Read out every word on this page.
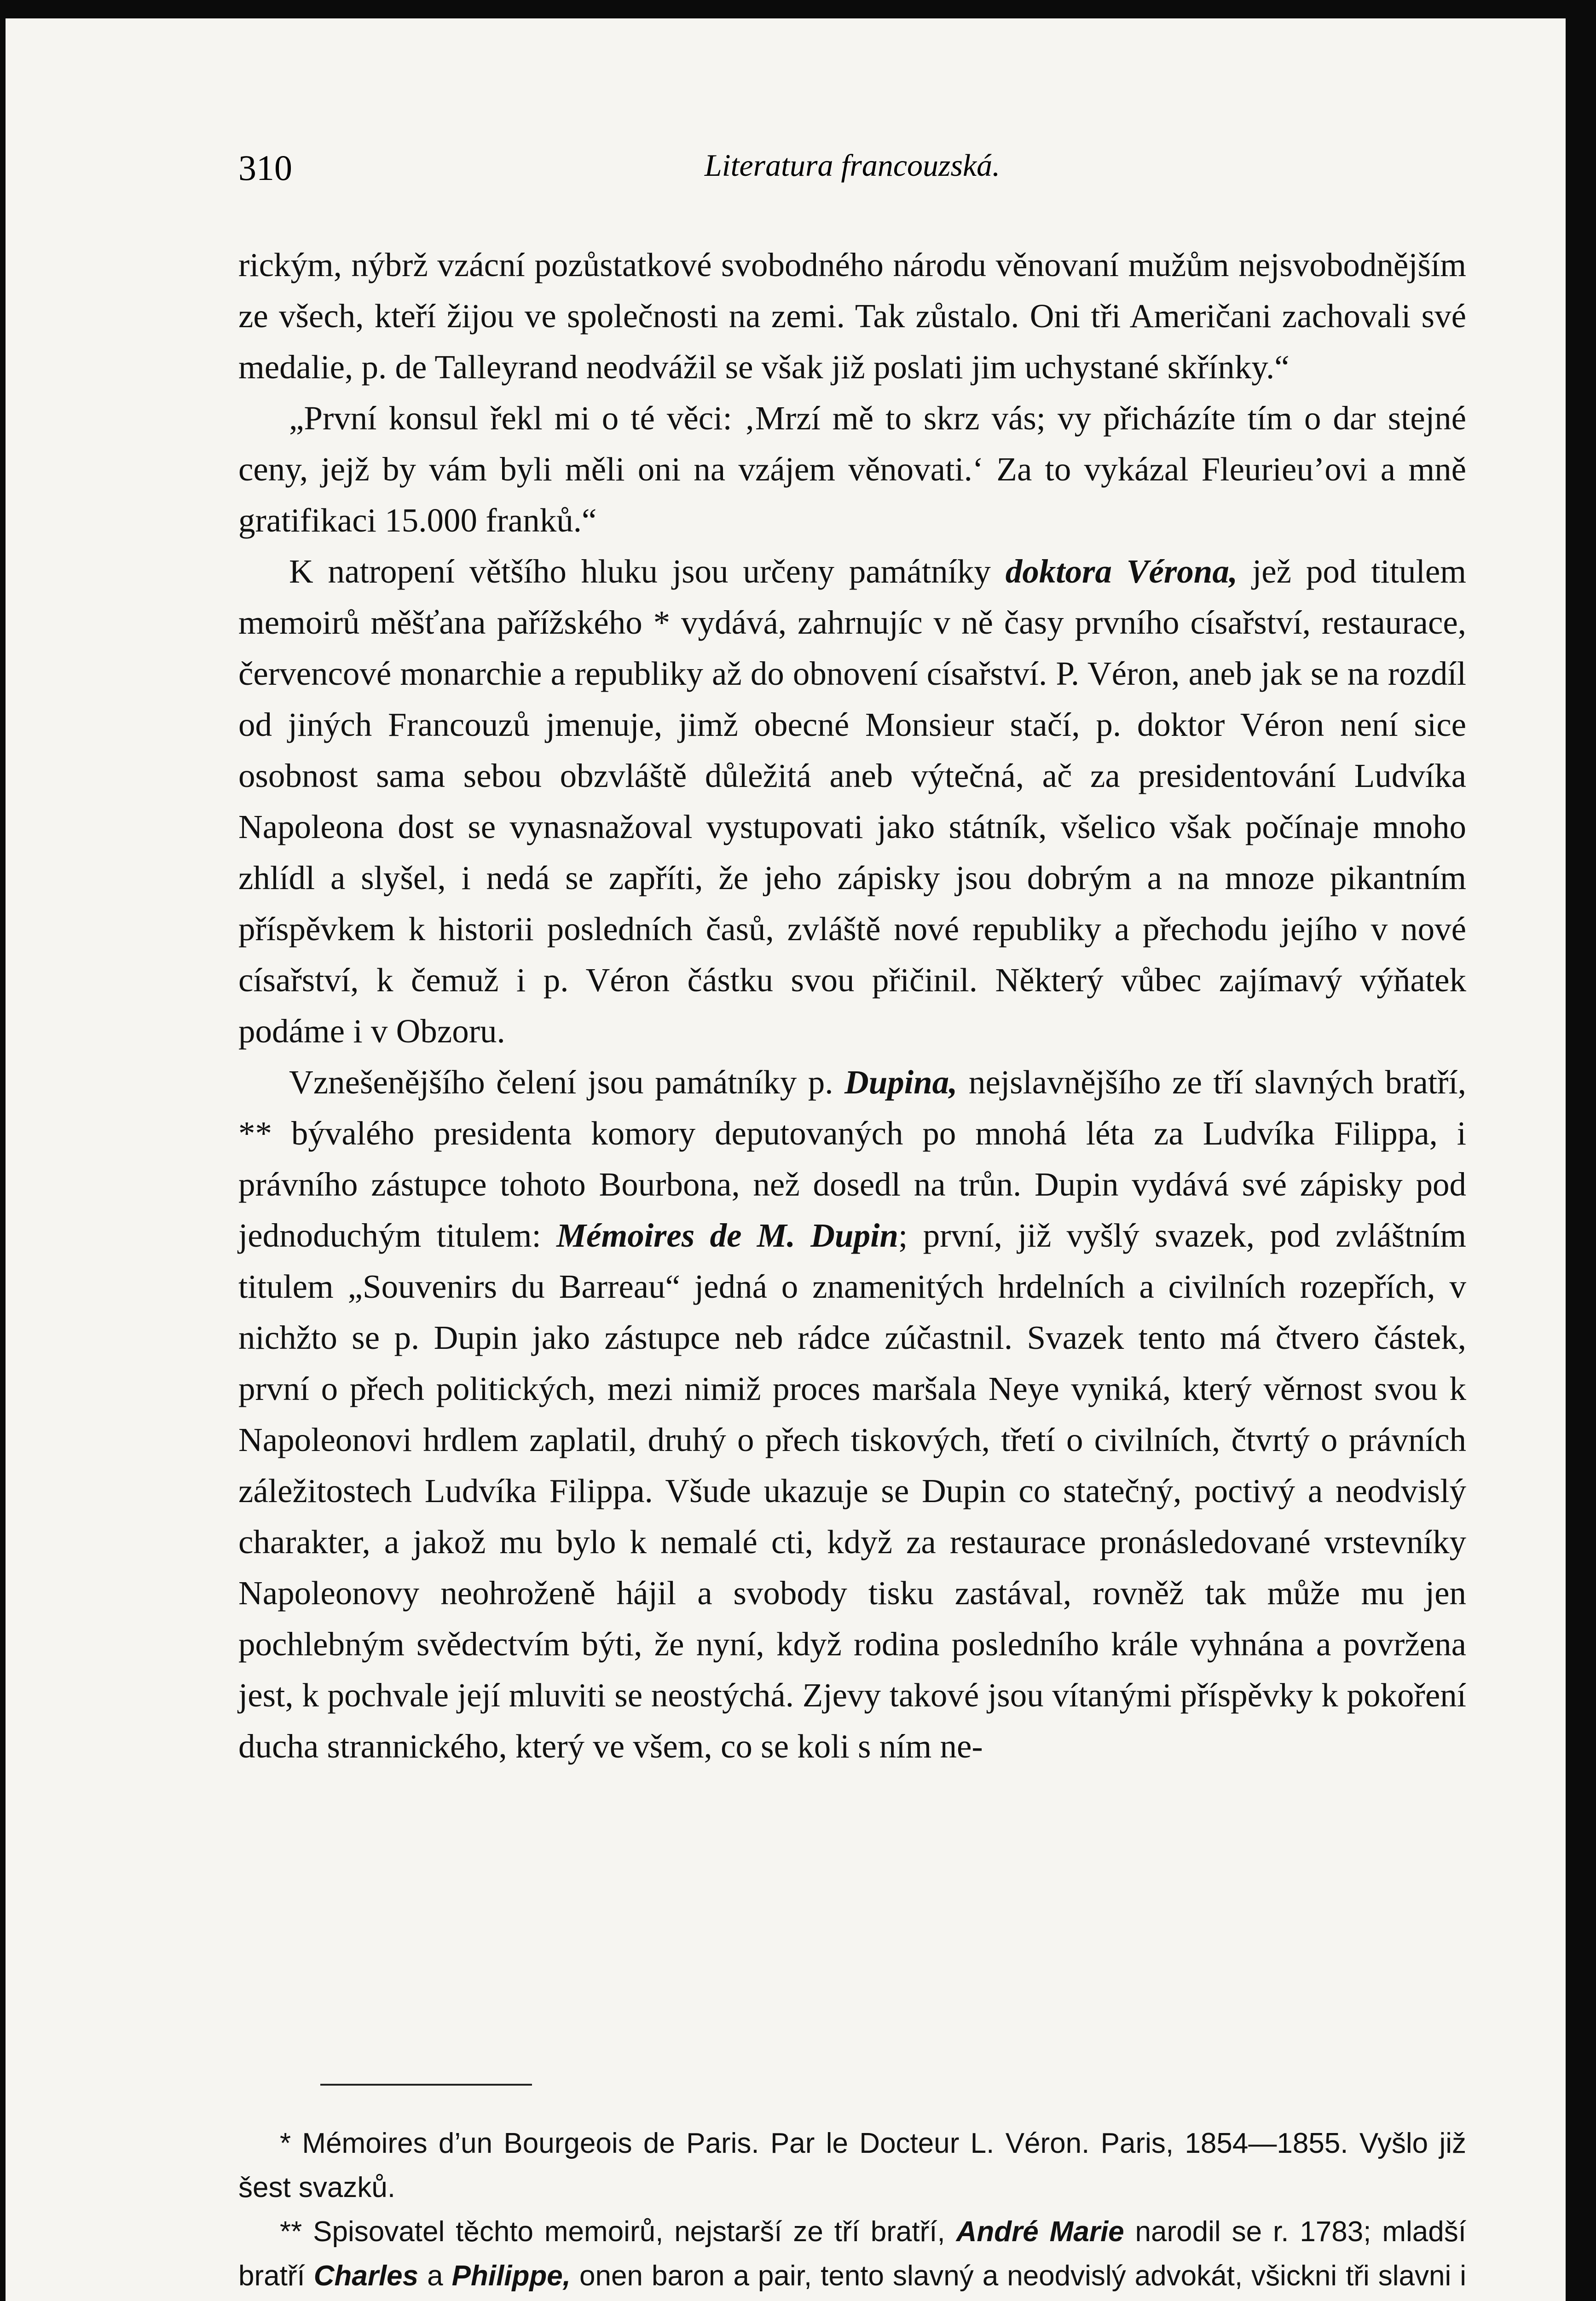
310	Literatura francouzská.

rickým, nýbrž vzácní pozůstatkové svobodného národu věnovaní mužům nejsvobodnějším ze všech, kteří žijou ve společnosti na zemi. Tak zůstalo. Oni tři Američani zachovali své medalie, p. de Talleyrand neodvážil se však již poslati jim uchystané skřínky.“

„První konsul řekl mi o té věci: ‚Mrzí mě to skrz vás; vy přicházíte tím o dar stejné ceny, jejž by vám byli měli oni na vzájem věnovati.‘ Za to vykázal Fleurieu’ovi a mně gratifikaci 15.000 franků.“

K natropení většího hluku jsou určeny památníky doktora Vérona, jež pod titulem memoirů měšťana pařížského * vydává, zahrnujíc v ně časy prvního císařství, restaurace, červencové monarchie a republiky až do obnovení císařství. P. Véron, aneb jak se na rozdíl od jiných Francouzů jmenuje, jimž obecné Monsieur stačí, p. doktor Véron není sice osobnost sama sebou obzvláště důležitá aneb výtečná, ač za presidentování Ludvíka Napoleona dost se vynasnažoval vystupovati jako státník, všelico však počínaje mnoho zhlídl a slyšel, i nedá se zapříti, že jeho zápisky jsou dobrým a na mnoze pikantním příspěvkem k historii posledních časů, zvláště nové republiky a přechodu jejího v nové císařství, k čemuž i p. Véron částku svou přičinil. Některý vůbec zajímavý výňatek podáme i v Obzoru.

Vznešenějšího čelení jsou památníky p. Dupina, nejslavnějšího ze tří slavných bratří, ** bývalého presidenta komory deputovaných po mnohá léta za Ludvíka Filippa, i právního zástupce tohoto Bourbona, než dosedl na trůn. Dupin vydává své zápisky pod jednoduchým titulem: Mémoires de M. Dupin; první, již vyšlý svazek, pod zvláštním titulem „Souvenirs du Barreau“ jedná o znamenitých hrdelních a civilních rozepřích, v nichžto se p. Dupin jako zástupce neb rádce zúčastnil. Svazek tento má čtvero částek, první o přech politických, mezi nimiž proces maršala Neye vyniká, který věrnost svou k Napoleonovi hrdlem zaplatil, druhý o přech tiskových, třetí o civilních, čtvrtý o právních záležitostech Ludvíka Filippa. Všude ukazuje se Dupin co statečný, poctivý a neodvislý charakter, a jakož mu bylo k nemalé cti, když za restaurace pronásledované vrstevníky Napoleonovy neohroženě hájil a svobody tisku zastával, rovněž tak může mu jen pochlebným svědectvím býti, že nyní, když rodina posledního krále vyhnána a povržena jest, k pochvale její mluviti se neostýchá. Zjevy takové jsou vítanými příspěvky k pokoření ducha strannického, který ve všem, co se koli s ním ne-

* Mémoires d’un Bourgeois de Paris. Par le Docteur L. Véron. Paris, 1854—1855. Vyšlo již šest svazků.

** Spisovatel těchto memoirů, nejstarší ze tří bratří, André Marie narodil se r. 1783; mladší bratří Charles a Philippe, onen baron a pair, tento slavný a neodvislý advokát, všickni tři slavni i
